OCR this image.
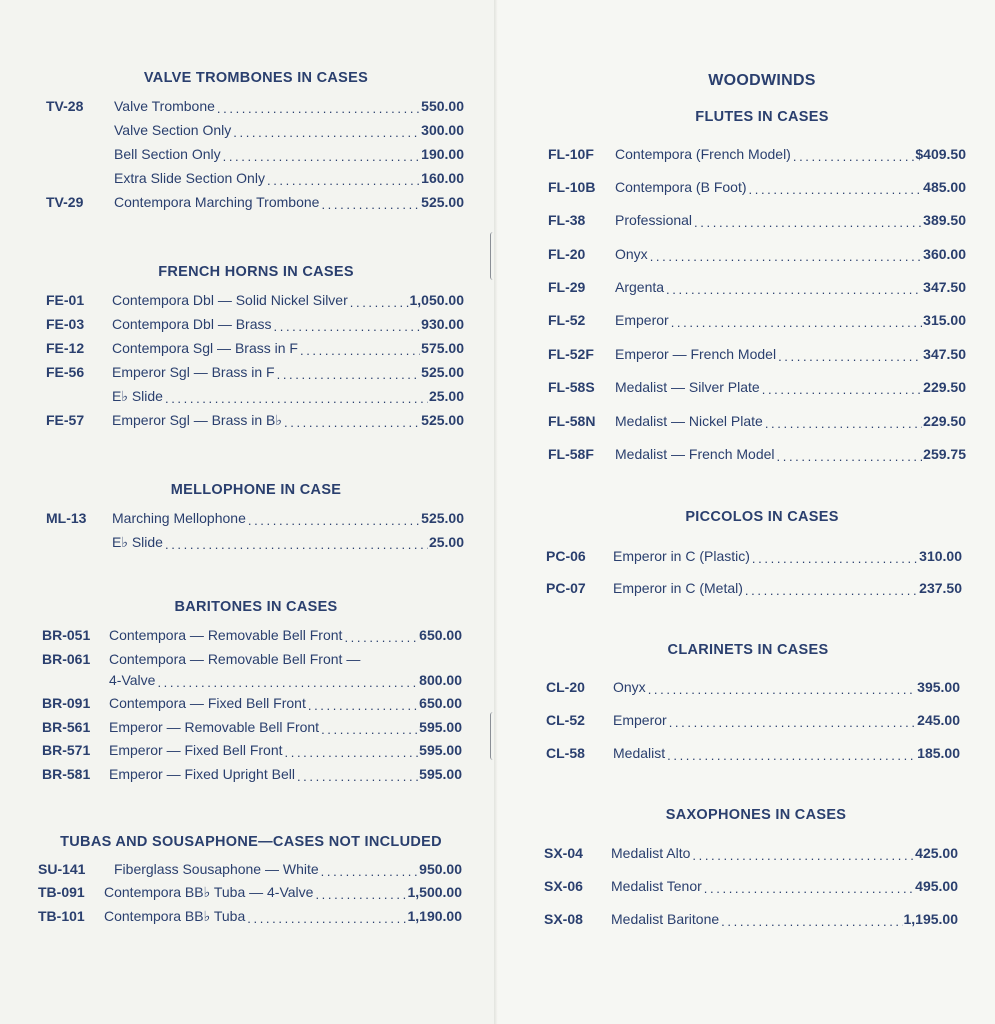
VALVE TROMBONES IN CASES
TV-28	Valve Trombone . . .	550.00
Valve Section Only . . .	300.00
Bell Section Only . . .	190.00
Extra Slide Section Only . . .	160.00
TV-29	Contempora Marching Trombone . . .	525.00
FRENCH HORNS IN CASES
FE-01	Contempora Dbl — Solid Nickel Silver . . .	1,050.00
FE-03	Contempora Dbl — Brass . . .	930.00
FE-12	Contempora Sgl — Brass in F . . .	575.00
FE-56	Emperor Sgl — Brass in F . . .	525.00
E♭ Slide . . .	25.00
FE-57	Emperor Sgl — Brass in B♭ . . .	525.00
MELLOPHONE IN CASE
ML-13	Marching Mellophone . . .	525.00
E♭ Slide . . .	25.00
BARITONES IN CASES
BR-051	Contempora — Removable Bell Front . . .	650.00
BR-061	Contempora — Removable Bell Front —
4-Valve . . .	800.00
BR-091	Contempora — Fixed Bell Front . . .	650.00
BR-561	Emperor — Removable Bell Front . . .	595.00
BR-571	Emperor — Fixed Bell Front . . .	595.00
BR-581	Emperor — Fixed Upright Bell . . .	595.00
TUBAS AND SOUSAPHONE—CASES NOT INCLUDED
SU-141	Fiberglass Sousaphone — White . . .	950.00
TB-091	Contempora BB♭ Tuba — 4-Valve . . .	1,500.00
TB-101	Contempora BB♭ Tuba . . .	1,190.00
WOODWINDS
FLUTES IN CASES
FL-10F	Contempora (French Model) . . .	$409.50
FL-10B	Contempora (B Foot) . . .	485.00
FL-38	Professional . . .	389.50
FL-20	Onyx . . .	360.00
FL-29	Argenta . . .	347.50
FL-52	Emperor . . .	315.00
FL-52F	Emperor — French Model . . .	347.50
FL-58S	Medalist — Silver Plate . . .	229.50
FL-58N	Medalist — Nickel Plate . . .	229.50
FL-58F	Medalist — French Model . . .	259.75
PICCOLOS IN CASES
PC-06	Emperor in C (Plastic) . . .	310.00
PC-07	Emperor in C (Metal) . . .	237.50
CLARINETS IN CASES
CL-20	Onyx . . .	395.00
CL-52	Emperor . . .	245.00
CL-58	Medalist . . .	185.00
SAXOPHONES IN CASES
SX-04	Medalist Alto . . .	425.00
SX-06	Medalist Tenor . . .	495.00
SX-08	Medalist Baritone . . .	1,195.00
